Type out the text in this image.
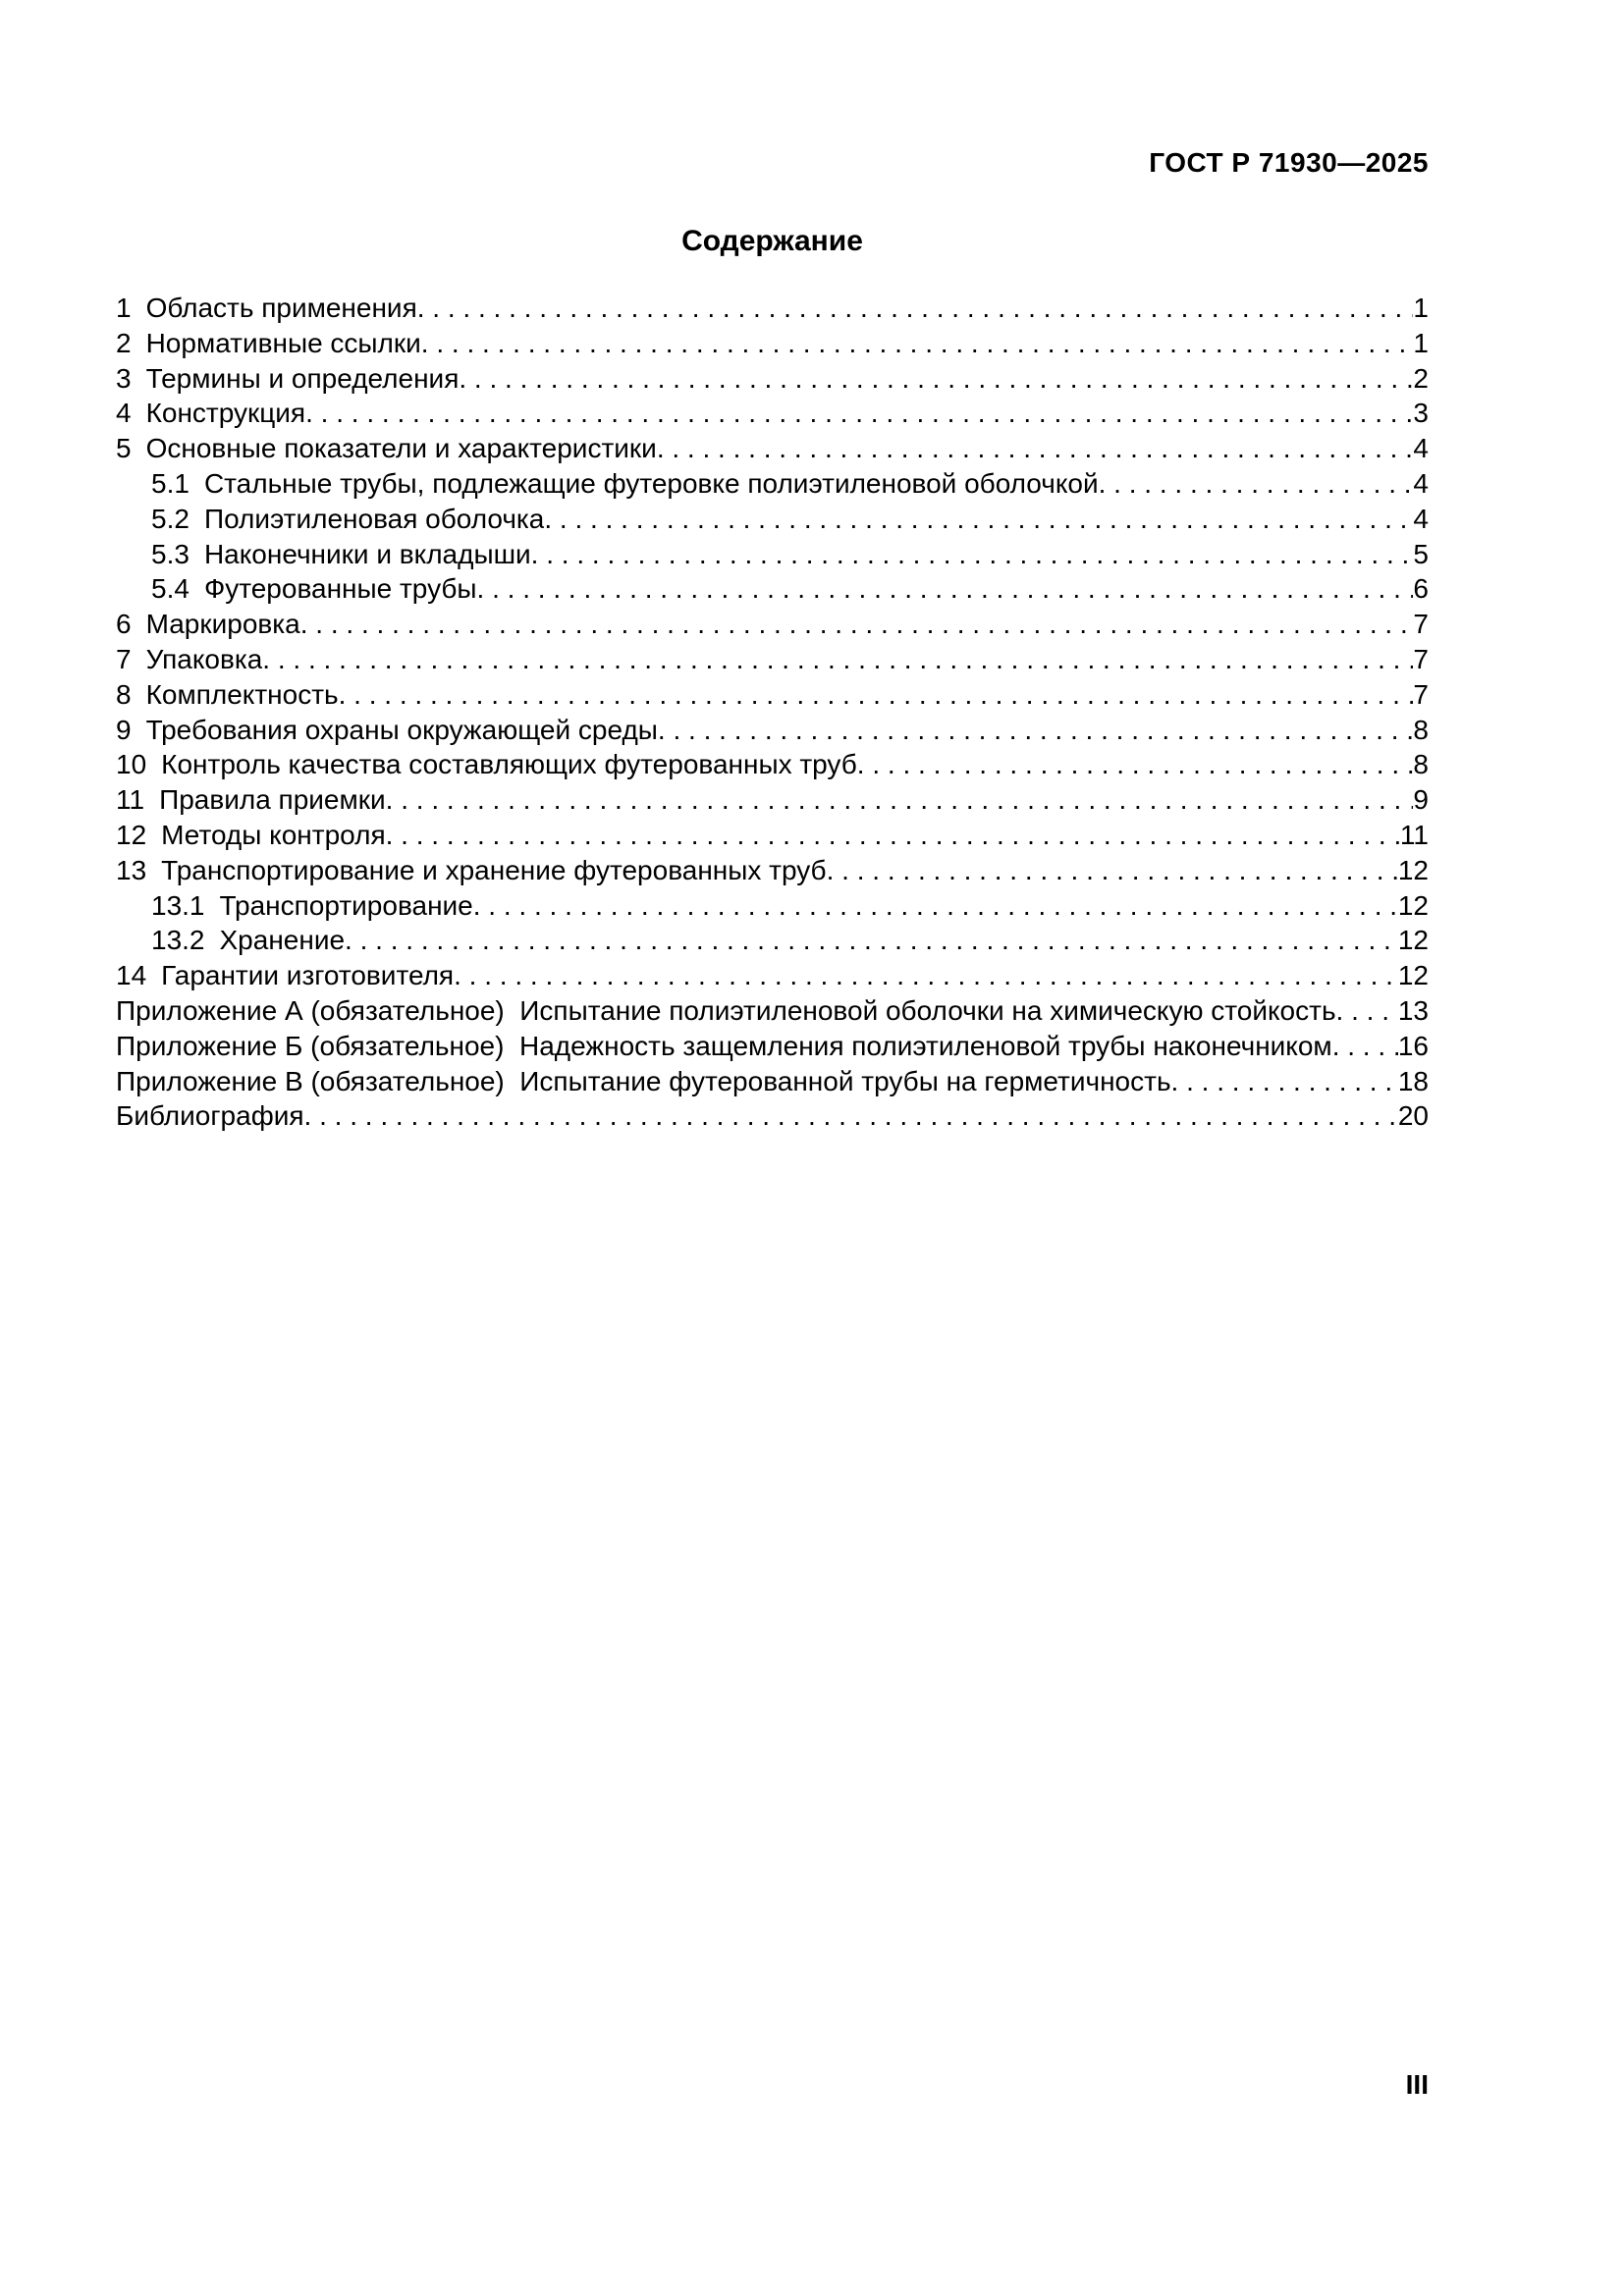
ГОСТ Р 71930—2025
Содержание
1 Область применения . . .	1
2 Нормативные ссылки . . .	1
3 Термины и определения . . .	2
4 Конструкция . . .	3
5 Основные показатели и характеристики . . .	4
5.1 Стальные трубы, подлежащие футеровке полиэтиленовой оболочкой . . .	4
5.2 Полиэтиленовая оболочка . . .	4
5.3 Наконечники и вкладыши . . .	5
5.4 Футерованные трубы . . .	6
6 Маркировка . . .	7
7 Упаковка . . .	7
8 Комплектность . . .	7
9 Требования охраны окружающей среды . . .	8
10 Контроль качества составляющих футерованных труб . . .	8
11 Правила приемки . . .	9
12 Методы контроля . . .	11
13 Транспортирование и хранение футерованных труб . . .	12
13.1 Транспортирование . . .	12
13.2 Хранение . . .	12
14 Гарантии изготовителя . . .	12
Приложение А (обязательное)  Испытание полиэтиленовой оболочки на химическую стойкость . . . 13
Приложение Б (обязательное)  Надежность защемления полиэтиленовой трубы наконечником . . . 16
Приложение В (обязательное)  Испытание футерованной трубы на герметичность . . .	18
Библиография . . .	20
III
